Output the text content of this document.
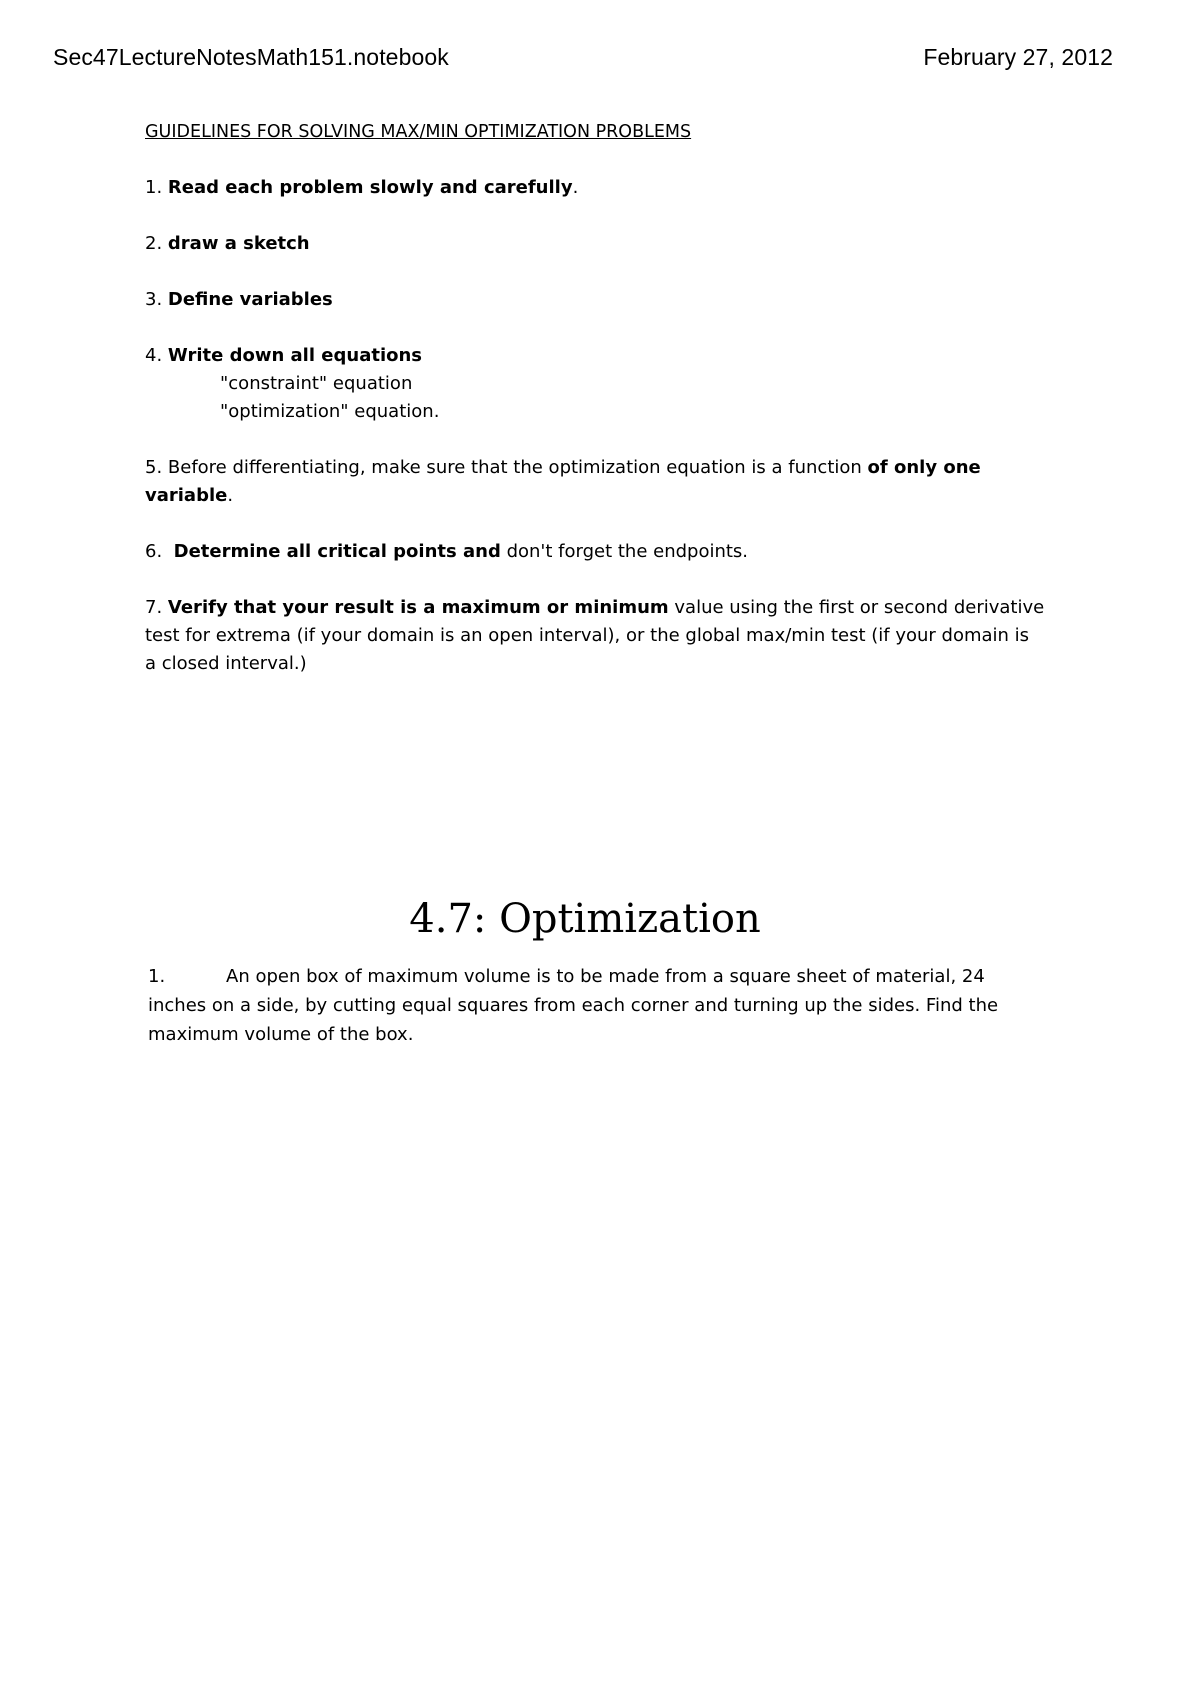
Sec47LectureNotesMath151.notebook	February 27, 2012
GUIDELINES FOR SOLVING MAX/MIN OPTIMIZATION PROBLEMS
1. Read each problem slowly and carefully.
2. draw a sketch
3. Define variables
4. Write down all equations
"constraint" equation
"optimization" equation.
5. Before differentiating, make sure that the optimization equation is a function of only one variable.
6.  Determine all critical points and don't forget the endpoints.
7. Verify that your result is a maximum or minimum value using the first or second derivative test for extrema (if your domain is an open interval), or the global max/min test (if your domain is a closed interval.)
4.7: Optimization
1.	An open box of maximum volume is to be made from a square sheet of material, 24 inches on a side, by cutting equal squares from each corner and turning up the sides. Find the maximum volume of the box.
